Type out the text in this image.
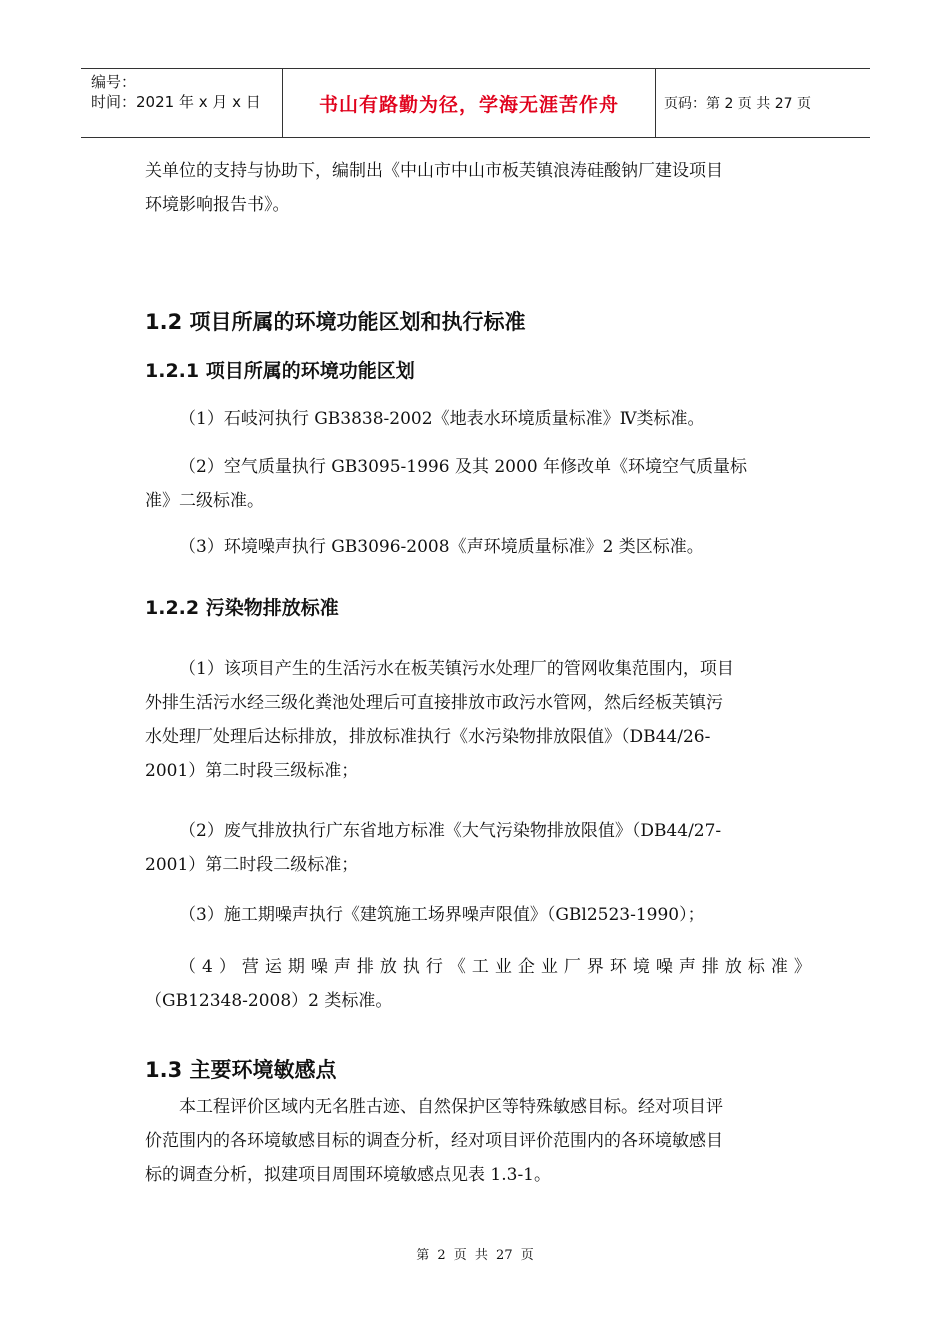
编号：
时间：2021 年 x 月 x 日	书山有路勤为径，学海无涯苦作舟	页码：第 2 页 共 27 页

关单位的支持与协助下，编制出《中山市中山市板芙镇浪涛硅酸钠厂建设项目
环境影响报告书》。

1.2 项目所属的环境功能区划和执行标准
1.2.1 项目所属的环境功能区划

（1）石岐河执行 GB3838-2002《地表水环境质量标准》Ⅳ类标准。

（2）空气质量执行 GB3095-1996 及其 2000 年修改单《环境空气质量标
准》二级标准。

（3）环境噪声执行 GB3096-2008《声环境质量标准》2 类区标准。

1.2.2 污染物排放标准

（1）该项目产生的生活污水在板芙镇污水处理厂的管网收集范围内，项目
外排生活污水经三级化粪池处理后可直接排放市政污水管网，然后经板芙镇污
水处理厂处理后达标排放，排放标准执行《水污染物排放限值》（DB44/26-
2001）第二时段三级标准；

（2）废气排放执行广东省地方标准《大气污染物排放限值》（DB44/27-
2001）第二时段二级标准；

（3）施工期噪声执行《建筑施工场界噪声限值》（GBl2523-1990）；

（4）营运期噪声排放执行《工业企业厂界环境噪声排放标准》
（GB12348-2008）2 类标准。

1.3 主要环境敏感点

本工程评价区域内无名胜古迹、自然保护区等特殊敏感目标。经对项目评
价范围内的各环境敏感目标的调查分析，经对项目评价范围内的各环境敏感目
标的调查分析，拟建项目周围环境敏感点见表 1.3-1。

第 2 页 共 27 页
